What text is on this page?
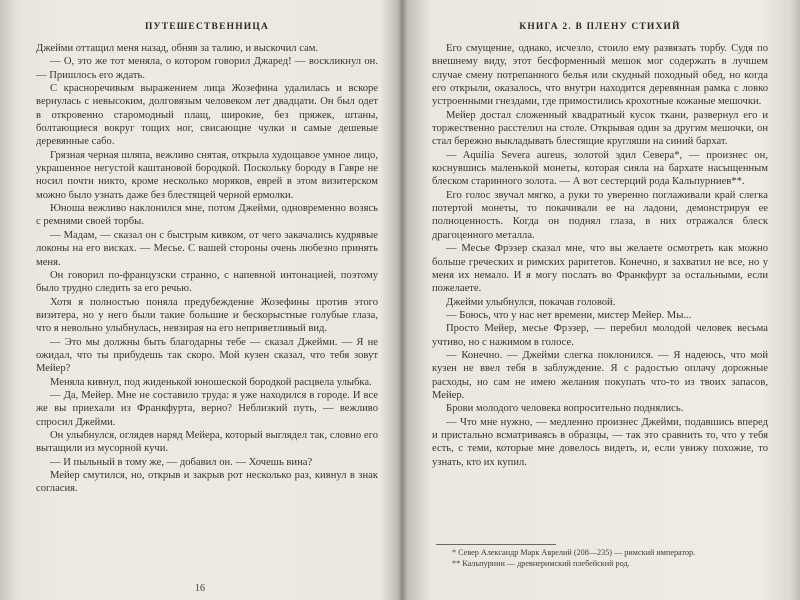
ПУТЕШЕСТВЕННИЦА

Джейми оттащил меня назад, обняв за талию, и выскочил сам.

— О, это же тот меняла, о котором говорил Джаред! — воскликнул он. — Пришлось его ждать.

С красноречивым выражением лица Жозефина удалилась и вскоре вернулась с невысоким, долговязым человеком лет двадцати. Он был одет в откровенно старомодный плащ, широкие, без пряжек, штаны, болтающиеся вокруг тощих ног, свисающие чулки и самые дешевые деревянные сабо.

Грязная черная шляпа, вежливо снятая, открыла худощавое умное лицо, украшенное негустой каштановой бородкой. Поскольку бороду в Гавре не носил почти никто, кроме несколько моряков, еврей в этом визитерском можно было узнать даже без блестящей черной ермолки.

Юноша вежливо наклонился мне, потом Джейми, одновременно возясь с ремнями своей торбы.

— Мадам, — сказал он с быстрым кивком, от чего закачались кудрявые локоны на его висках. — Месье. С вашей стороны очень любезно принять меня.

Он говорил по-французски странно, с напевной интонацией, поэтому было трудно следить за его речью.

Хотя я полностью поняла предубеждение Жозефины против этого визитера, но у него были такие большие и бескорыстные голубые глаза, что я невольно улыбнулась, невзирая на его неприветливый вид.

— Это мы должны быть благодарны тебе — сказал Джейми. — Я не ожидал, что ты прибудешь так скоро. Мой кузен сказал, что тебя зовут Мейер?

Меняла кивнул, под жиденькой юношеской бородкой расцвела улыбка.

— Да, Мейер. Мне не составило труда: я уже находился в городе. И все же вы приехали из Франкфурта, верно? Неблизкий путь, — вежливо спросил Джейми.

Он улыбнулся, оглядев наряд Мейера, который выглядел так, словно его вытащили из мусорной кучи.

— И пыльный в тому же, — добавил он. — Хочешь вина?

Мейер смутился, но, открыв и закрыв рот несколько раз, кивнул в знак согласия.

16
КНИГА 2. В ПЛЕНУ СТИХИЙ

Его смущение, однако, исчезло, стоило ему развязать торбу. Судя по внешнему виду, этот бесформенный мешок мог содержать в лучшем случае смену потрепанного белья или скудный походный обед, но когда его открыли, оказалось, что внутри находится деревянная рамка с ловко устроенными гнездами, где примостились крохотные кожаные мешочки.

Мейер достал сложенный квадратный кусок ткани, развернул его и торжественно расстелил на столе. Открывая один за другим мешочки, он стал бережно выкладывать блестящие кругляши на синий бархат.

— Aquilia Severa aureus, золотой эдил Севера*, — произнес он, коснувшись маленькой монеты, которая сияла на бархате насыщенным блеском старинного золота. — А вот сестерций рода Кальпурниев**.

Его голос звучал мягко, а руки то уверенно поглаживали край слегка потертой монеты, то покачивали ее на ладони, демонстрируя ее полноценность. Когда он поднял глаза, в них отражался блеск драгоценного металла.

— Месье Фрэзер сказал мне, что вы желаете осмотреть как можно больше греческих и римских раритетов. Конечно, я захватил не все, но у меня их немало. И я могу послать во Франкфурт за остальными, если пожелаете.

Джейми улыбнулся, покачав головой.

— Боюсь, что у нас нет времени, мистер Мейер. Мы...

Просто Мейер, месье Фрэзер, — перебил молодой человек весьма учтиво, но с нажимом в голосе.

— Конечно. — Джейми слегка поклонился. — Я надеюсь, что мой кузен не ввел тебя в заблуждение. Я с радостью оплачу дорожные расходы, но сам не имею желания покупать что-то из твоих запасов, Мейер.

Брови молодого человека вопросительно поднялись.

— Что мне нужно, — медленно произнес Джейми, подавшись вперед и пристально всматриваясь в образцы, — так это сравнить то, что у тебя есть, с теми, которые мне довелось видеть, и, если увижу похожие, то узнать, кто их купил.

* Север Александр Марк Аврелий (208—235) — римский император.

** Кальпурнии — древнеримский плебейский род.
